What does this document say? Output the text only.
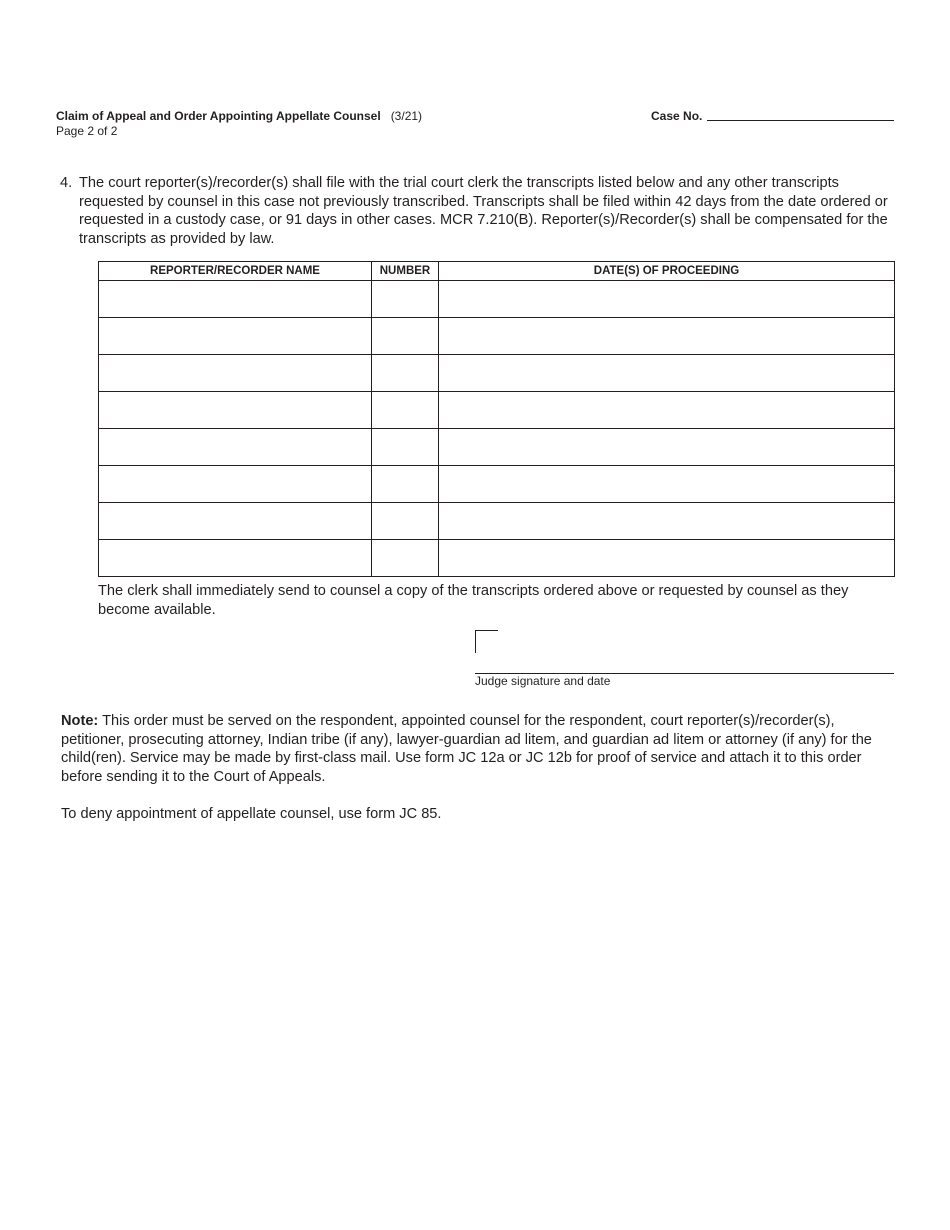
Claim of Appeal and Order Appointing Appellate Counsel (3/21)
Page 2 of 2
Case No.
4. The court reporter(s)/recorder(s) shall file with the trial court clerk the transcripts listed below and any other transcripts requested by counsel in this case not previously transcribed. Transcripts shall be filed within 42 days from the date ordered or requested in a custody case, or 91 days in other cases. MCR 7.210(B). Reporter(s)/Recorder(s) shall be compensated for the transcripts as provided by law.
REPORTER/RECORDER NAME	NUMBER	DATE(S) OF PROCEEDING

The clerk shall immediately send to counsel a copy of the transcripts ordered above or requested by counsel as they become available.
Judge signature and date
Note: This order must be served on the respondent, appointed counsel for the respondent, court reporter(s)/recorder(s), petitioner, prosecuting attorney, Indian tribe (if any), lawyer-guardian ad litem, and guardian ad litem or attorney (if any) for the child(ren). Service may be made by first-class mail. Use form JC 12a or JC 12b for proof of service and attach it to this order before sending it to the Court of Appeals.
To deny appointment of appellate counsel, use form JC 85.
